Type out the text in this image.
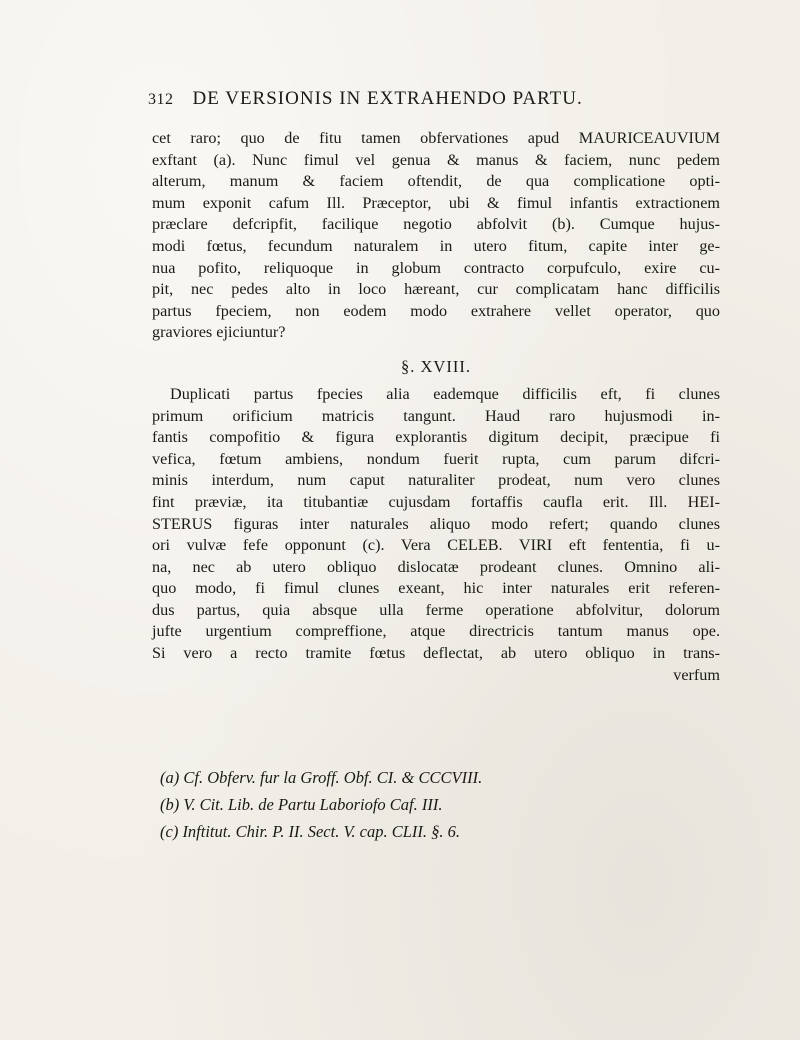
312 DE VERSIONIS IN EXTRAHENDO PARTU.
cet raro; quo de fitu tamen obfervationes apud MAURICEAUVIUM
exftant (a). Nunc fimul vel genua & manus & faciem, nunc pedem
alterum, manum & faciem oftendit, de qua complicatione opti-
mum exponit cafum Ill. Præceptor, ubi & fimul infantis extractionem
præclare defcripfit, facilique negotio abfolvit (b). Cumque hujus-
modi fœtus, fecundum naturalem in utero fitum, capite inter ge-
nua pofito, reliquoque in globum contracto corpufculo, exire cu-
pit, nec pedes alto in loco hæreant, cur complicatam hanc difficilis
partus fpeciem, non eodem modo extrahere vellet operator, quo
graviores ejiciuntur?
§. XVIII.
Duplicati partus fpecies alia eademque difficilis eft, fi clunes
primum orificium matricis tangunt. Haud raro hujusmodi in-
fantis compofitio & figura explorantis digitum decipit, præcipue fi
vefica, fœtum ambiens, nondum fuerit rupta, cum parum difcri-
minis interdum, num caput naturaliter prodeat, num vero clunes
fint præviæ, ita titubantiæ cujusdam fortaffis caufla erit. Ill. HEI-
STERUS figuras inter naturales aliquo modo refert; quando clunes
ori vulvæ fefe opponunt (c). Vera CELEB. VIRI eft fententia, fi u-
na, nec ab utero obliquo dislocatæ prodeant clunes. Omnino ali-
quo modo, fi fimul clunes exeant, hic inter naturales erit referen-
dus partus, quia absque ulla ferme operatione abfolvitur, dolorum
jufte urgentium compreffione, atque directricis tantum manus ope.
Si vero a recto tramite fœtus deflectat, ab utero obliquo in trans-
verfum
(a) Cf. Obferv. fur la Groff. Obf. CI. & CCCVIII.
(b) V. Cit. Lib. de Partu Laboriofo Caf. III.
(c) Inftitut. Chir. P. II. Sect. V. cap. CLII. §. 6.
